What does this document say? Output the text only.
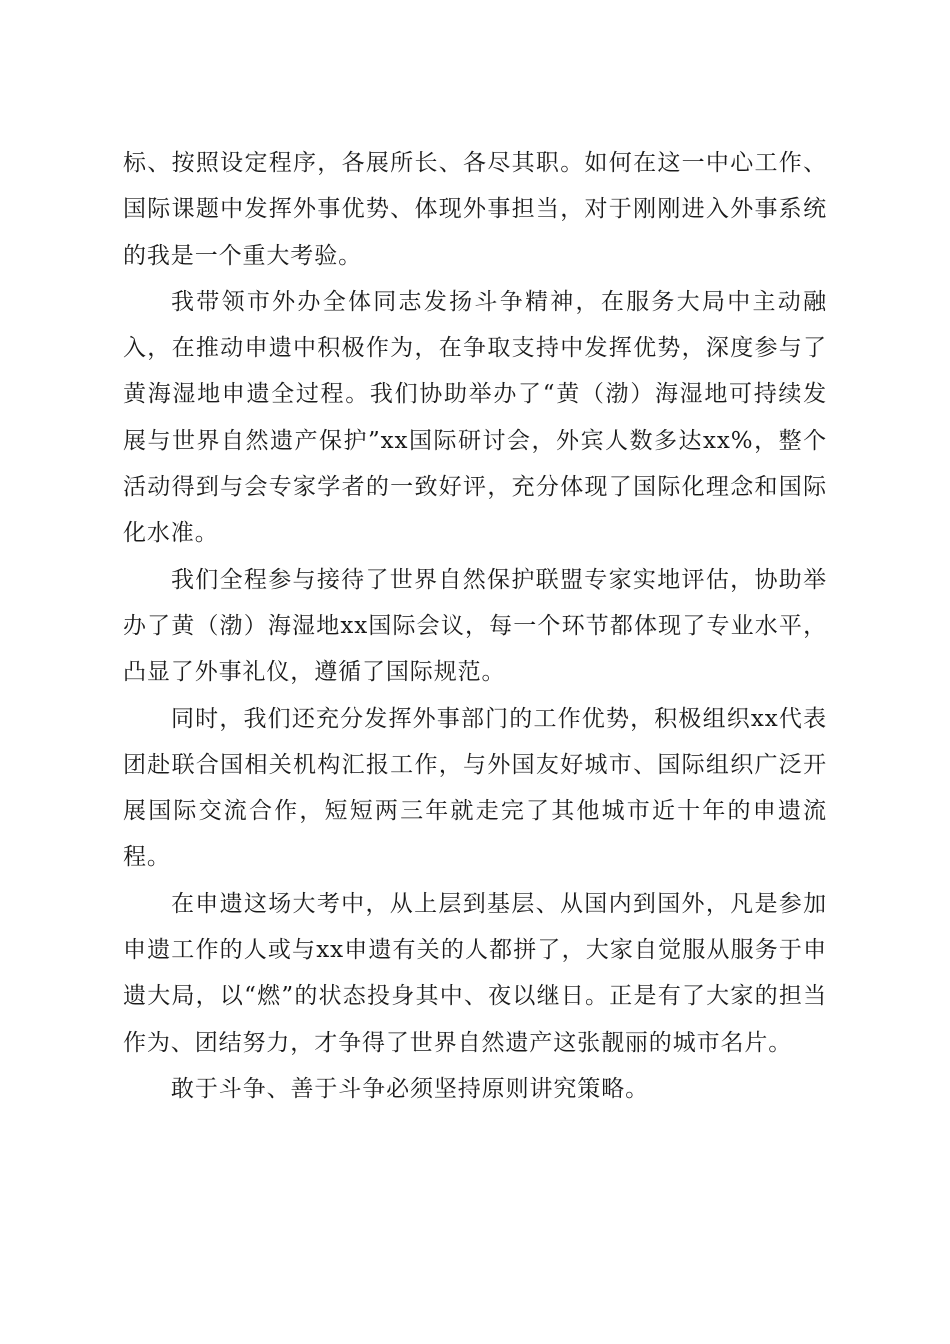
标、按照设定程序，各展所长、各尽其职。如何在这一中心工作、国际课题中发挥外事优势、体现外事担当，对于刚刚进入外事系统的我是一个重大考验。

我带领市外办全体同志发扬斗争精神，在服务大局中主动融入，在推动申遗中积极作为，在争取支持中发挥优势，深度参与了黄海湿地申遗全过程。我们协助举办了“黄（渤）海湿地可持续发展与世界自然遗产保护”xx国际研讨会，外宾人数多达xx%，整个活动得到与会专家学者的一致好评，充分体现了国际化理念和国际化水准。

我们全程参与接待了世界自然保护联盟专家实地评估，协助举办了黄（渤）海湿地xx国际会议，每一个环节都体现了专业水平，凸显了外事礼仪，遵循了国际规范。

同时，我们还充分发挥外事部门的工作优势，积极组织xx代表团赴联合国相关机构汇报工作，与外国友好城市、国际组织广泛开展国际交流合作，短短两三年就走完了其他城市近十年的申遗流程。

在申遗这场大考中，从上层到基层、从国内到国外，凡是参加申遗工作的人或与xx申遗有关的人都拼了，大家自觉服从服务于申遗大局，以“燃”的状态投身其中、夜以继日。正是有了大家的担当作为、团结努力，才争得了世界自然遗产这张靓丽的城市名片。

敢于斗争、善于斗争必须坚持原则讲究策略。
